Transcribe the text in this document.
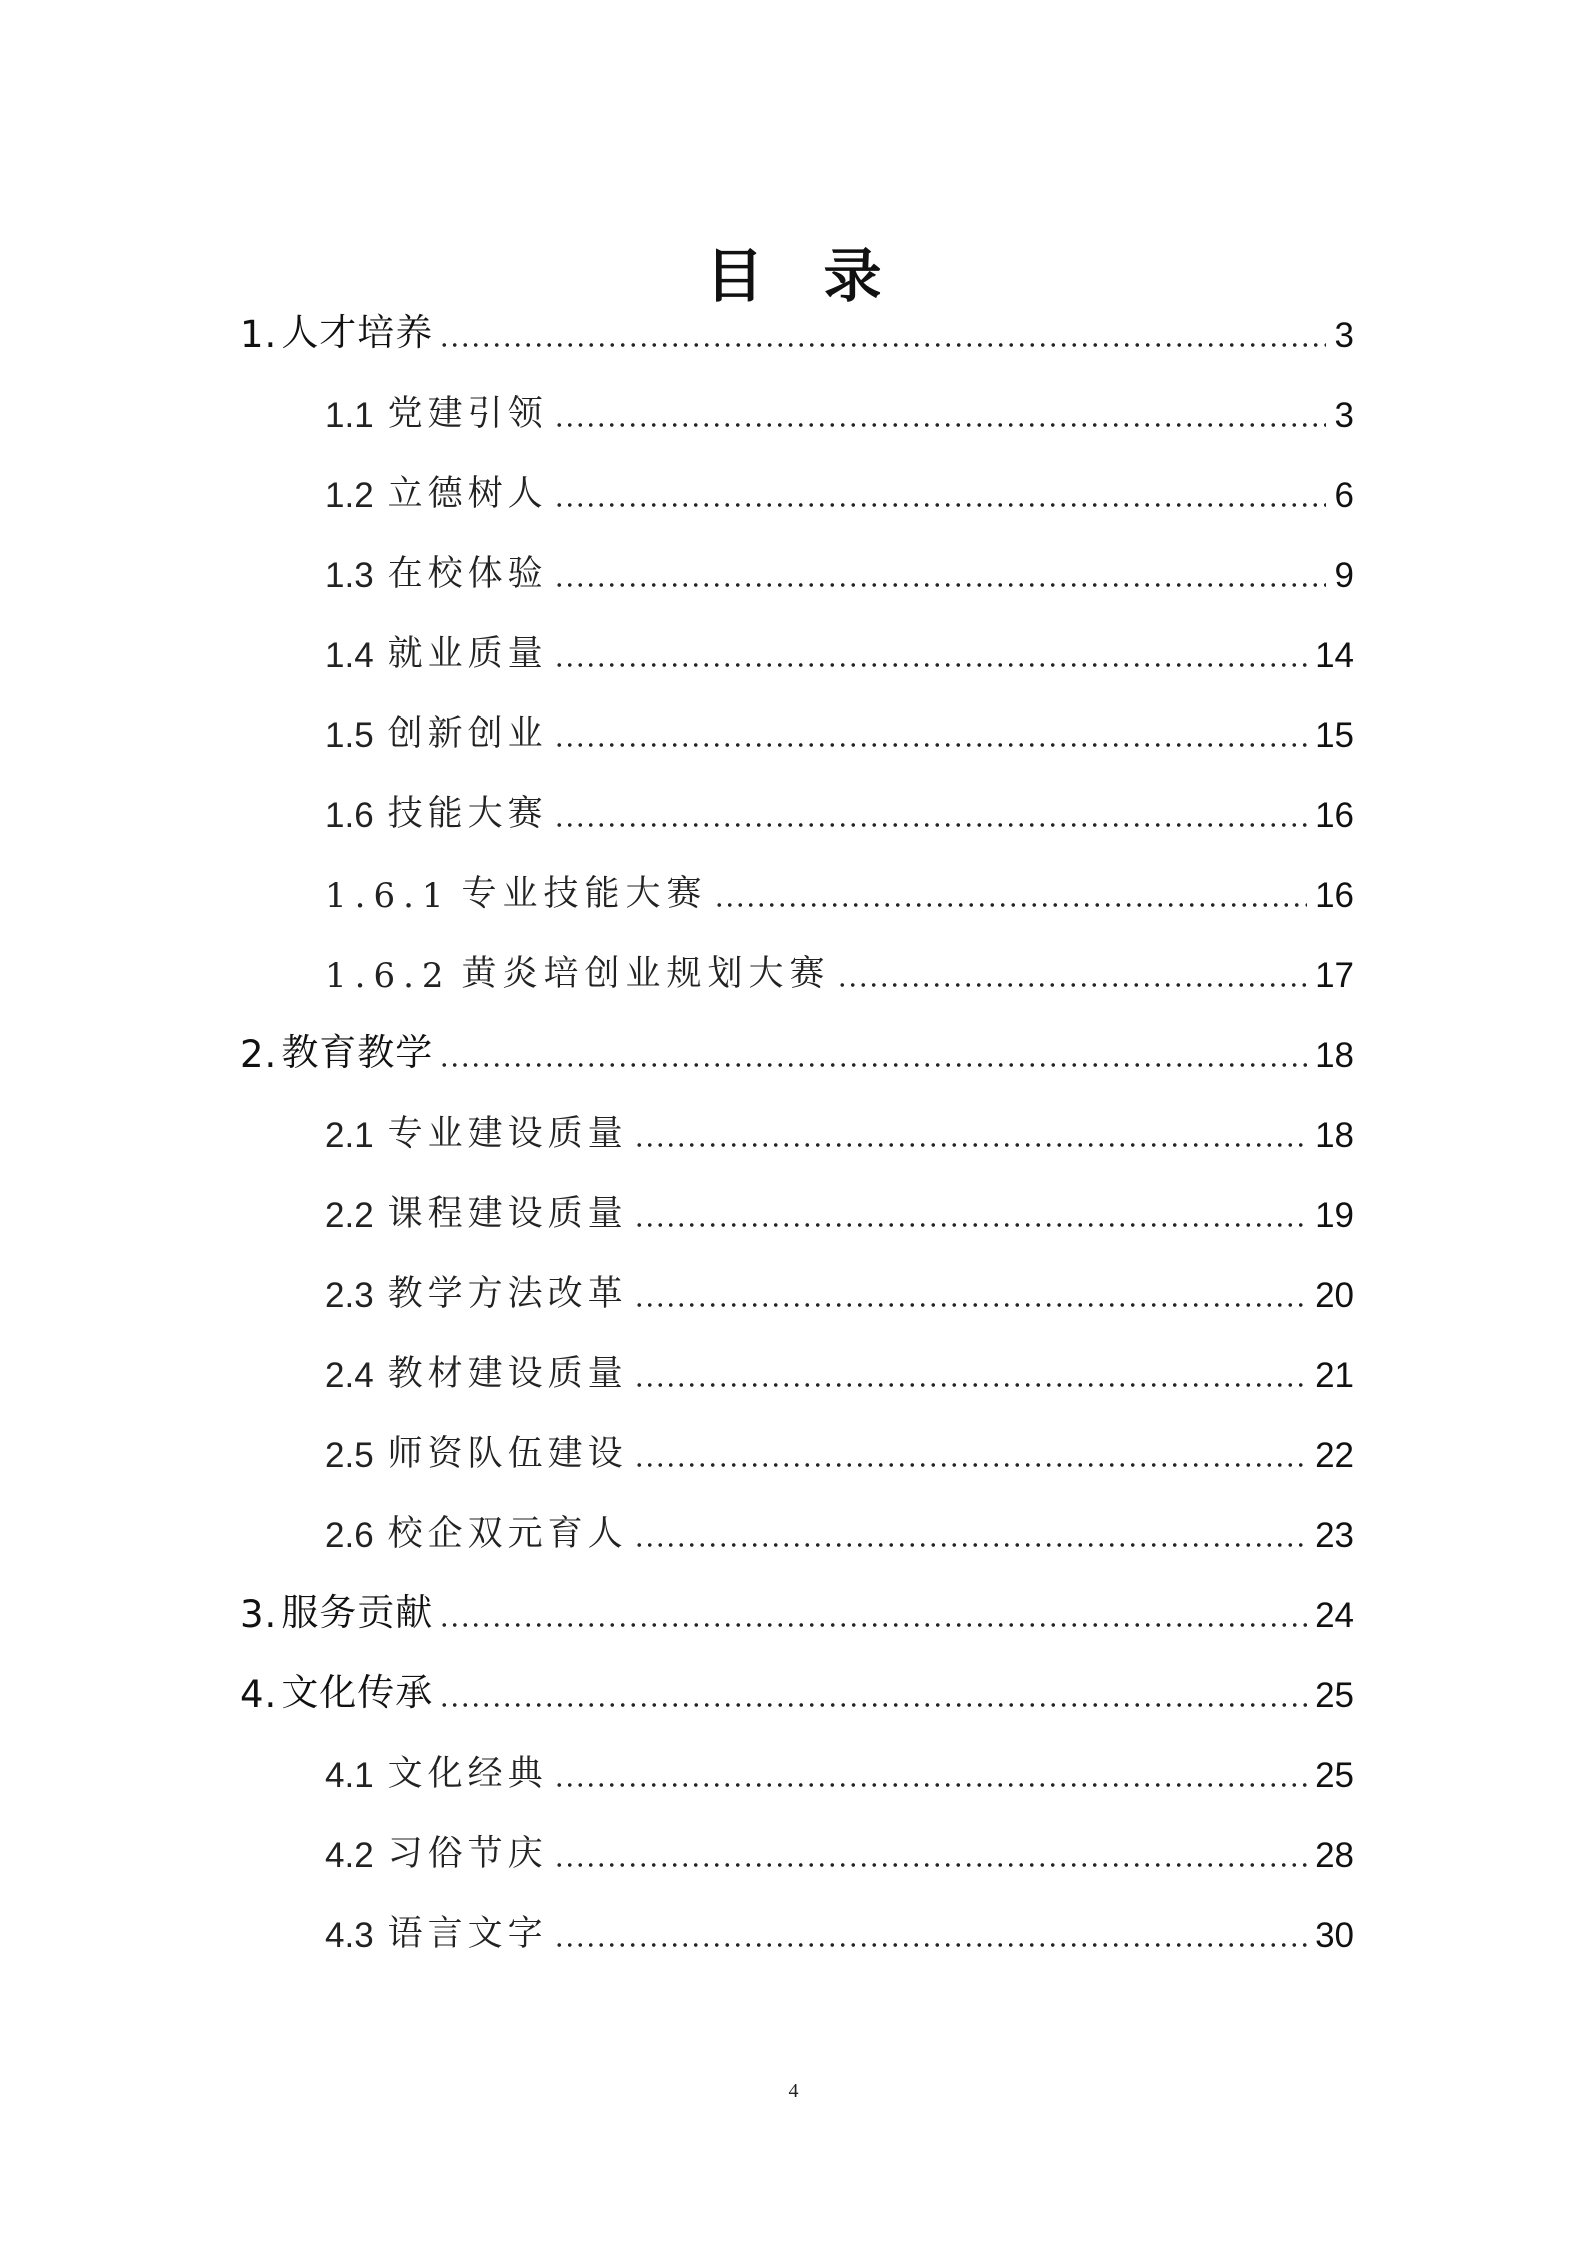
目 录
1. 人才培养	3
1.1 党建引领	3
1.2 立德树人	6
1.3 在校体验	9
1.4 就业质量	14
1.5 创新创业	15
1.6 技能大赛	16
1.6.1 专业技能大赛	16
1.6.2 黄炎培创业规划大赛	17
2. 教育教学	18
2.1 专业建设质量	18
2.2 课程建设质量	19
2.3 教学方法改革	20
2.4 教材建设质量	21
2.5 师资队伍建设	22
2.6 校企双元育人	23
3. 服务贡献	24
4. 文化传承	25
4.1 文化经典	25
4.2 习俗节庆	28
4.3 语言文字	30
4
